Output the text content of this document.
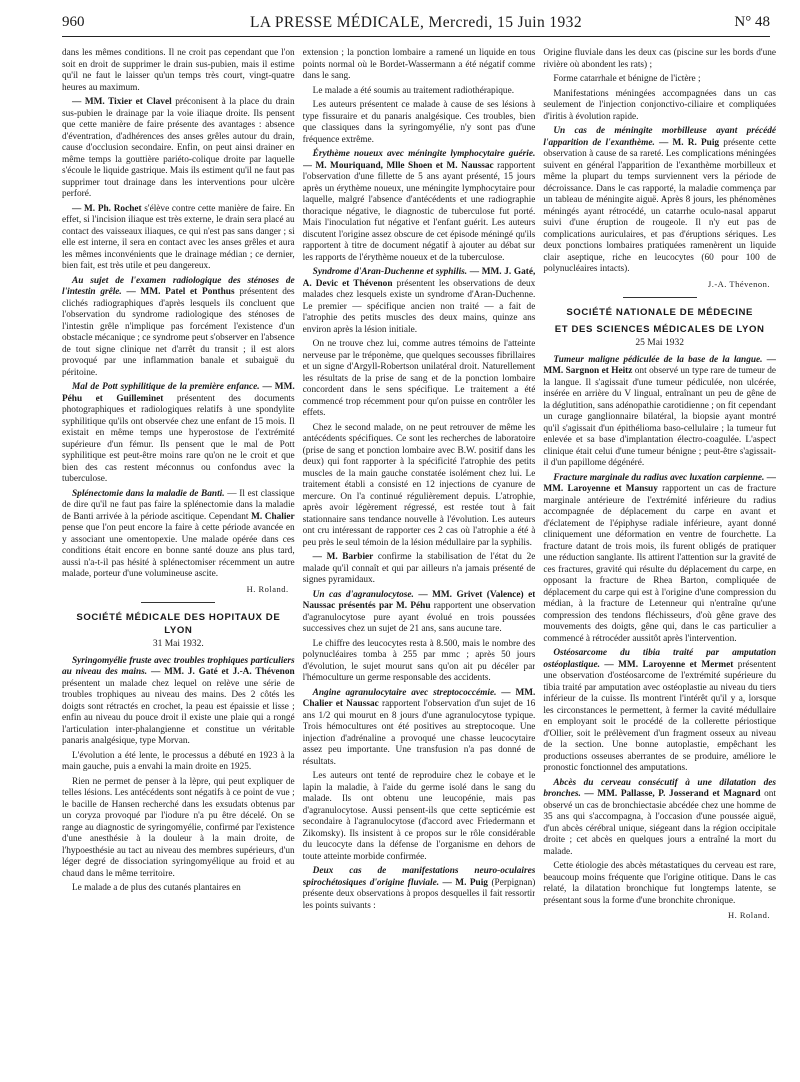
960	LA PRESSE MÉDICALE, Mercredi, 15 Juin 1932	N° 48

dans les mêmes conditions. Il ne croit pas cependant que l'on soit en droit de supprimer le drain sus-pubien, mais il estime qu'il ne faut le laisser qu'un temps très court, vingt-quatre heures au maximum.

— MM. Tixier et Clavel préconisent à la place du drain sus-pubien le drainage par la voie iliaque droite. Ils pensent que cette manière de faire présente des avantages : absence d'éventration, d'adhérences des anses grêles autour du drain, cause d'occlusion secondaire. Enfin, on peut ainsi drainer en même temps la gouttière pariéto-colique droite par laquelle s'écoule le liquide gastrique. Mais ils estiment qu'il ne faut pas supprimer tout drainage dans les interventions pour ulcère perforé.

— M. Ph. Rochet s'élève contre cette manière de faire. En effet, si l'incision iliaque est très externe, le drain sera placé au contact des vaisseaux iliaques, ce qui n'est pas sans danger ; si elle est interne, il sera en contact avec les anses grêles et aura les mêmes inconvénients que le drainage médian ; ce dernier, bien fait, est très utile et peu dangereux.

Au sujet de l'examen radiologique des sténoses de l'intestin grêle. — MM. Patel et Ponthus présentent des clichés radiographiques d'après lesquels ils concluent que l'observation du syndrome radiologique des sténoses de l'intestin grêle n'implique pas forcément l'existence d'un obstacle mécanique ; ce syndrome peut s'observer en l'absence de tout signe clinique net d'arrêt du transit ; il est alors provoqué par une inflammation banale et subaiguë du péritoine.

Mal de Pott syphilitique de la première enfance. — MM. Péhu et Guilleminet présentent des documents photographiques et radiologiques relatifs à une spondylite syphilitique qu'ils ont observée chez une enfant de 15 mois. Il existait en même temps une hyperostose de l'extrémité supérieure d'un fémur. Ils pensent que le mal de Pott syphilitique est peut-être moins rare qu'on ne le croit et que bien des cas restent méconnus ou confondus avec la tuberculose.

Splénectomie dans la maladie de Banti. — Il est classique de dire qu'il ne faut pas faire la splénectomie dans la maladie de Banti arrivée à la période ascitique. Cependant M. Chalier pense que l'on peut encore la faire à cette période avancée en y associant une omentopexie. Une malade opérée dans ces conditions était encore en bonne santé douze ans plus tard, aussi n'a-t-il pas hésité à splénectomiser récemment un autre malade, porteur d'une volumineuse ascite.

H. Roland.
SOCIÉTÉ MÉDICALE DES HOPITAUX DE LYON
31 Mai 1932.

Syringomyélie fruste avec troubles trophiques particuliers au niveau des mains. — MM. J. Gaté et J.-A. Thévenon présentent un malade chez lequel on relève une série de troubles trophiques au niveau des mains. Des 2 côtés les doigts sont rétractés en crochet, la peau est épaissie et lisse ; enfin au niveau du pouce droit il existe une plaie qui a rongé l'articulation inter-phalangienne et constitue un véritable panaris analgésique, type Morvan.

L'évolution a été lente, le processus a débuté en 1923 à la main gauche, puis a envahi la main droite en 1925.

Rien ne permet de penser à la lèpre, qui peut expliquer de telles lésions. Les antécédents sont négatifs à ce point de vue ; le bacille de Hansen recherché dans les exsudats obtenus par un coryza provoqué par l'iodure n'a pu être décelé. On se range au diagnostic de syringomyélie, confirmé par l'existence d'une anesthésie à la douleur à la main droite, de l'hypoesthésie au tact au niveau des membres supérieurs, d'un léger degré de dissociation syringomyélique au froid et au chaud dans le même territoire.

Le malade a de plus des cutanés plantaires en

extension ; la ponction lombaire a ramené un liquide en tous points normal où le Bordet-Wassermann a été négatif comme dans le sang.

Le malade a été soumis au traitement radiothérapique.

Les auteurs présentent ce malade à cause de ses lésions à type fissuraire et du panaris analgésique. Ces troubles, bien que classiques dans la syringomyélie, n'y sont pas d'une fréquence extrême.

Érythème noueux avec méningite lymphocytaire guérie. — M. Mouriquand, Mlle Shoen et M. Naussac rapportent l'observation d'une fillette de 5 ans ayant présenté, 15 jours après un érythème noueux, une méningite lymphocytaire pour laquelle, malgré l'absence d'antécédents et une radiographie thoracique négative, le diagnostic de tuberculose fut porté. Mais l'inoculation fut négative et l'enfant guérit. Les auteurs discutent l'origine assez obscure de cet épisode méningé qu'ils rapportent à titre de document négatif à ajouter au débat sur les rapports de l'érythème noueux et de la tuberculose.

Syndrome d'Aran-Duchenne et syphilis. — MM. J. Gaté, A. Devic et Thévenon présentent les observations de deux malades chez lesquels existe un syndrome d'Aran-Duchenne. Le premier — spécifique ancien non traité — a fait de l'atrophie des petits muscles des deux mains, quinze ans environ après la lésion initiale.

On ne trouve chez lui, comme autres témoins de l'atteinte nerveuse par le tréponème, que quelques secousses fibrillaires et un signe d'Argyll-Robertson unilatéral droit. Naturellement les résultats de la prise de sang et de la ponction lombaire concordent dans le sens spécifique. Le traitement a été commencé trop récemment pour qu'on puisse en contrôler les effets.

Chez le second malade, on ne peut retrouver de même les antécédents spécifiques. Ce sont les recherches de laboratoire (prise de sang et ponction lombaire avec B.W. positif dans les deux) qui font rapporter à la spécificité l'atrophie des petits muscles de la main gauche constatée isolément chez lui. Le traitement établi a consisté en 12 injections de cyanure de mercure. On l'a continué régulièrement depuis. L'atrophie, après avoir légèrement régressé, est restée tout à fait stationnaire sans tendance nouvelle à l'évolution. Les auteurs ont cru intéressant de rapporter ces 2 cas où l'atrophie a été à peu près le seul témoin de la lésion médullaire par la syphilis.

— M. Barbier confirme la stabilisation de l'état du 2e malade qu'il connaît et qui par ailleurs n'a jamais présenté de signes pyramidaux.

Un cas d'agranulocytose. — MM. Grivet (Valence) et Naussac présentés par M. Péhu rapportent une observation d'agranulocytose pure ayant évolué en trois poussées successives chez un sujet de 21 ans, sans aucune tare.

Le chiffre des leucocytes resta à 8.500, mais le nombre des polynucléaires tomba à 255 par mmc ; après 50 jours d'évolution, le sujet mourut sans qu'on ait pu décéler par l'hémoculture un germe responsable des accidents.

Angine agranulocytaire avec streptococcémie. — MM. Chalier et Naussac rapportent l'observation d'un sujet de 16 ans 1/2 qui mourut en 8 jours d'une agranulocytose typique. Trois hémocultures ont été positives au streptocoque. Une injection d'adrénaline a provoqué une chasse leucocytaire assez peu importante. Une transfusion n'a pas donné de résultats.

Les auteurs ont tenté de reproduire chez le cobaye et le lapin la maladie, à l'aide du germe isolé dans le sang du malade. Ils ont obtenu une leucopénie, mais pas d'agranulocytose. Aussi pensent-ils que cette septicémie est secondaire à l'agranulocytose (d'accord avec Friedermann et Zikomsky). Ils insistent à ce propos sur le rôle considérable du leucocyte dans la défense de l'organisme en dehors de toute atteinte morbide confirmée.

Deux cas de manifestations neuro-oculaires spirochétosiques d'origine fluviale. — M. Puig (Perpignan) présente deux observations à propos desquelles il fait ressortir les points suivants :

Origine fluviale dans les deux cas (piscine sur les bords d'une rivière où abondent les rats) ;

Forme catarrhale et bénigne de l'ictère ;

Manifestations méningées accompagnées dans un cas seulement de l'injection conjonctivo-ciliaire et compliquées d'iritis à évolution rapide.

Un cas de méningite morbilleuse ayant précédé l'apparition de l'exanthème. — M. R. Puig présente cette observation à cause de sa rareté. Les complications méningées suivent en général l'apparition de l'exanthème morbilleux et même la plupart du temps surviennent vers la période de décroissance. Dans le cas rapporté, la maladie commença par un tableau de méningite aiguë. Après 8 jours, les phénomènes méningés ayant rétrocédé, un catarrhe oculo-nasal apparut suivi d'une éruption de rougeole. Il n'y eut pas de complications auriculaires, et pas d'éruptions sériques. Les deux ponctions lombaires pratiquées ramenèrent un liquide clair aseptique, riche en leucocytes (60 pour 100 de polynucléaires intacts).

J.-A. Thévenon.
SOCIÉTÉ NATIONALE DE MÉDECINE
ET DES SCIENCES MÉDICALES DE LYON
25 Mai 1932

Tumeur maligne pédiculée de la base de la langue. — MM. Sargnon et Heitz ont observé un type rare de tumeur de la langue. Il s'agissait d'une tumeur pédiculée, non ulcérée, insérée en arrière du V lingual, entraînant un peu de gêne de la déglutition, sans adénopathie carotidienne ; on fit cependant un curage ganglionnaire bilatéral, la biopsie ayant montré qu'il s'agissait d'un épithélioma baso-cellulaire ; la tumeur fut enlevée et sa base d'implantation électro-coagulée. L'aspect clinique était celui d'une tumeur bénigne ; peut-être s'agissait-il d'un papillome dégénéré.

Fracture marginale du radius avec luxation carpienne. — MM. Laroyenne et Mansuy rapportent un cas de fracture marginale antérieure de l'extrémité inférieure du radius accompagnée de déplacement du carpe en avant et d'éclatement de l'épiphyse radiale inférieure, ayant donné cliniquement une déformation en ventre de fourchette. La fracture datant de trois mois, ils furent obligés de pratiquer une réduction sanglante. Ils attirent l'attention sur la gravité de ces fractures, gravité qui résulte du déplacement du carpe, en opposant la fracture de Rhea Barton, compliquée de déplacement du carpe qui est à l'origine d'une compression du médian, à la fracture de Letenneur qui n'entraîne qu'une compression des tendons fléchisseurs, d'où gêne grave des mouvements des doigts, gêne qui, dans le cas particulier a commencé à rétrocéder aussitôt après l'intervention.

Ostéosarcome du tibia traité par amputation ostéoplastique. — MM. Laroyenne et Mermet présentent une observation d'ostéosarcome de l'extrémité supérieure du tibia traité par amputation avec ostéoplastie au niveau du tiers inférieur de la cuisse. Ils montrent l'intérêt qu'il y a, lorsque les circonstances le permettent, à fermer la cavité médullaire en employant soit le procédé de la collerette périostique d'Ollier, soit le prélèvement d'un fragment osseux au niveau de la section. Une bonne autoplastie, empêchant les productions osseuses aberrantes de se produire, améliore le pronostic fonctionnel des amputations.

Abcès du cerveau consécutif à une dilatation des bronches. — MM. Pallasse, P. Josserand et Magnard ont observé un cas de bronchiectasie abcédée chez une homme de 35 ans qui s'accompagna, à l'occasion d'une poussée aiguë, d'un abcès cérébral unique, siégeant dans la région occipitale droite ; cet abcès en quelques jours a entraîné la mort du malade.

Cette étiologie des abcès métastatiques du cerveau est rare, beaucoup moins fréquente que l'origine otitique. Dans le cas relaté, la dilatation bronchique fut longtemps latente, se présentant sous la forme d'une bronchite chronique.

H. Roland.
